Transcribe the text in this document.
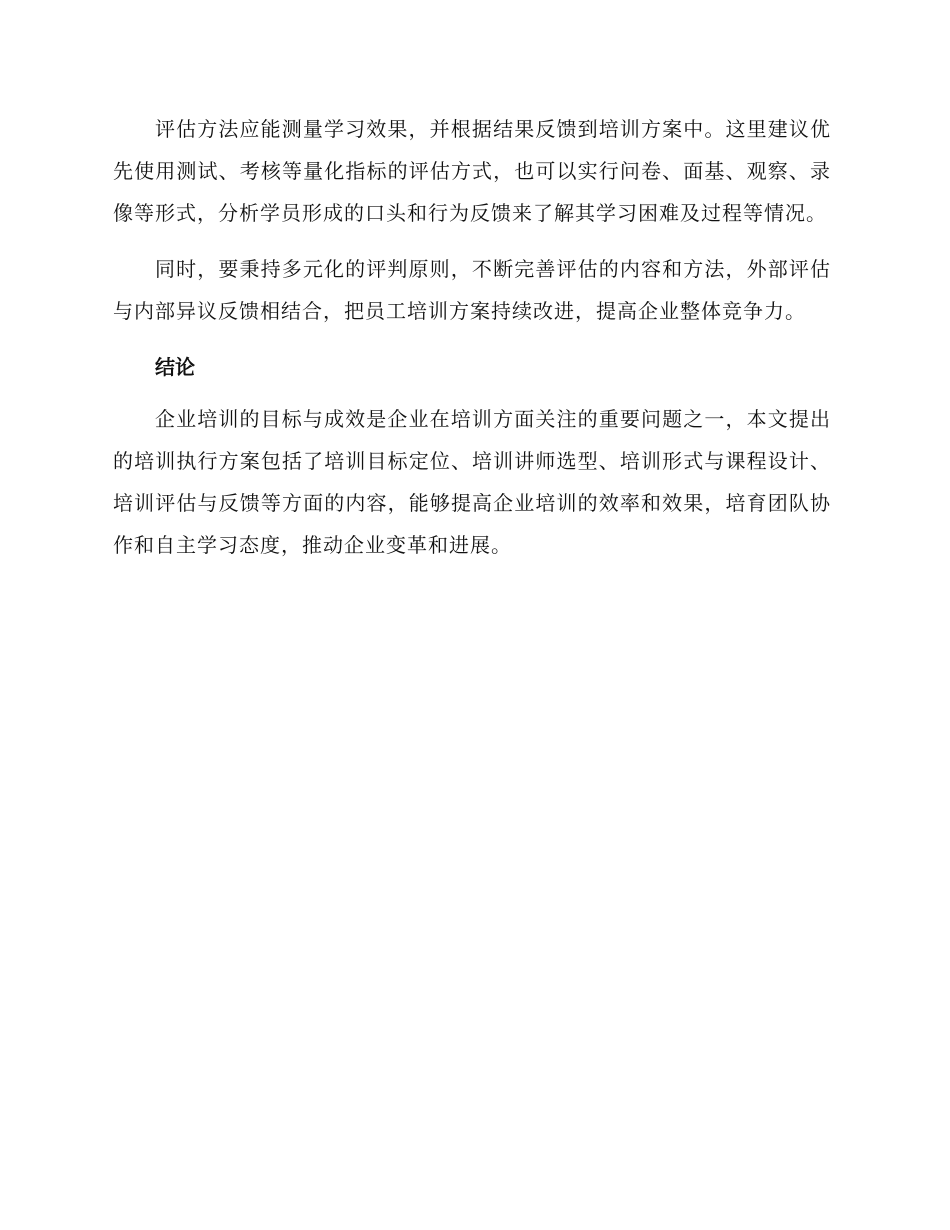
评估方法应能测量学习效果，并根据结果反馈到培训方案中。这里建议优先使用测试、考核等量化指标的评估方式，也可以实行问卷、面基、观察、录像等形式，分析学员形成的口头和行为反馈来了解其学习困难及过程等情况。

同时，要秉持多元化的评判原则，不断完善评估的内容和方法，外部评估与内部异议反馈相结合，把员工培训方案持续改进，提高企业整体竞争力。

结论

企业培训的目标与成效是企业在培训方面关注的重要问题之一，本文提出的培训执行方案包括了培训目标定位、培训讲师选型、培训形式与课程设计、培训评估与反馈等方面的内容，能够提高企业培训的效率和效果，培育团队协作和自主学习态度，推动企业变革和进展。
